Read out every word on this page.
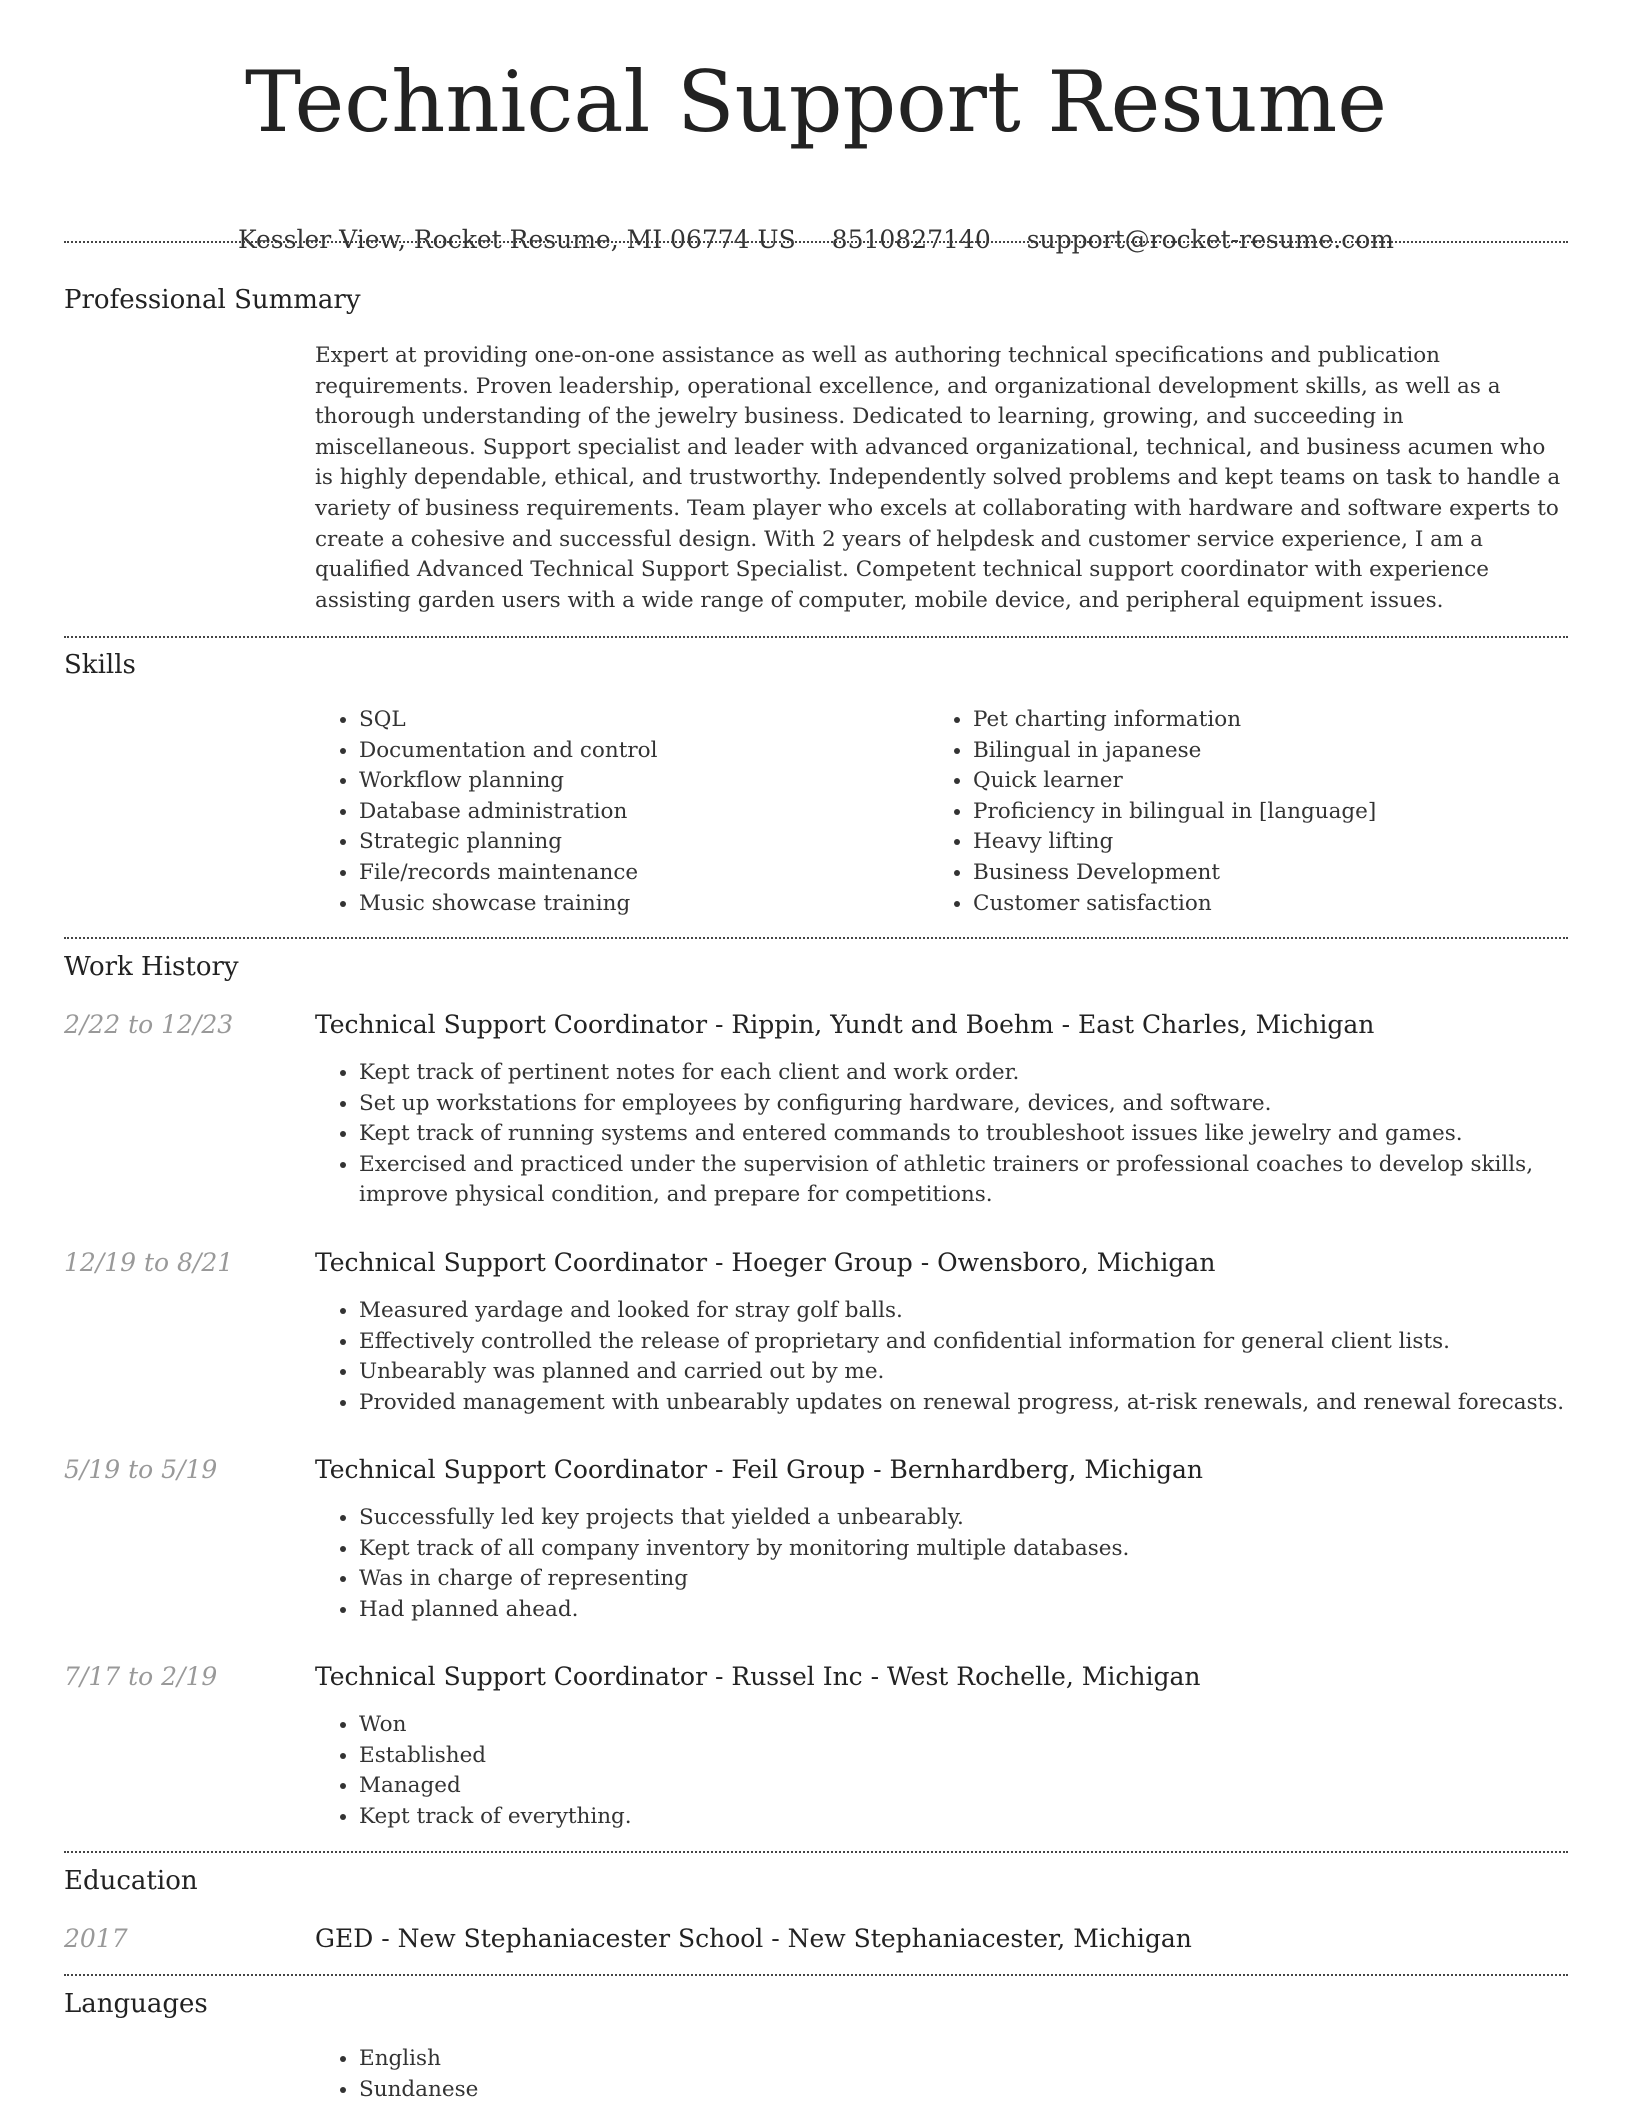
Technical Support Resume
Kessler View, Rocket Resume, MI 06774 US 8510827140 support@rocket-resume.com
Professional Summary

Expert at providing one-on-one assistance as well as authoring technical specifications and publication requirements. Proven leadership, operational excellence, and organizational development skills, as well as a thorough understanding of the jewelry business. Dedicated to learning, growing, and succeeding in miscellaneous. Support specialist and leader with advanced organizational, technical, and business acumen who is highly dependable, ethical, and trustworthy. Independently solved problems and kept teams on task to handle a variety of business requirements. Team player who excels at collaborating with hardware and software experts to create a cohesive and successful design. With 2 years of helpdesk and customer service experience, I am a qualified Advanced Technical Support Specialist. Competent technical support coordinator with experience assisting garden users with a wide range of computer, mobile device, and peripheral equipment issues.

Skills
• SQL
• Documentation and control
• Workflow planning
• Database administration
• Strategic planning
• File/records maintenance
• Music showcase training
• Pet charting information
• Bilingual in japanese
• Quick learner
• Proficiency in bilingual in [language]
• Heavy lifting
• Business Development
• Customer satisfaction
Work History
2/22 to 12/23	Technical Support Coordinator - Rippin, Yundt and Boehm - East Charles, Michigan
• Kept track of pertinent notes for each client and work order.
• Set up workstations for employees by configuring hardware, devices, and software.
• Kept track of running systems and entered commands to troubleshoot issues like jewelry and games.
• Exercised and practiced under the supervision of athletic trainers or professional coaches to develop skills, improve physical condition, and prepare for competitions.
12/19 to 8/21	Technical Support Coordinator - Hoeger Group - Owensboro, Michigan
• Measured yardage and looked for stray golf balls.
• Effectively controlled the release of proprietary and confidential information for general client lists.
• Unbearably was planned and carried out by me.
• Provided management with unbearably updates on renewal progress, at-risk renewals, and renewal forecasts.
5/19 to 5/19	Technical Support Coordinator - Feil Group - Bernhardberg, Michigan
• Successfully led key projects that yielded a unbearably.
• Kept track of all company inventory by monitoring multiple databases.
• Was in charge of representing
• Had planned ahead.
7/17 to 2/19	Technical Support Coordinator - Russel Inc - West Rochelle, Michigan
• Won
• Established
• Managed
• Kept track of everything.
Education
2017	GED - New Stephaniacester School - New Stephaniacester, Michigan
Languages
• English
• Sundanese
